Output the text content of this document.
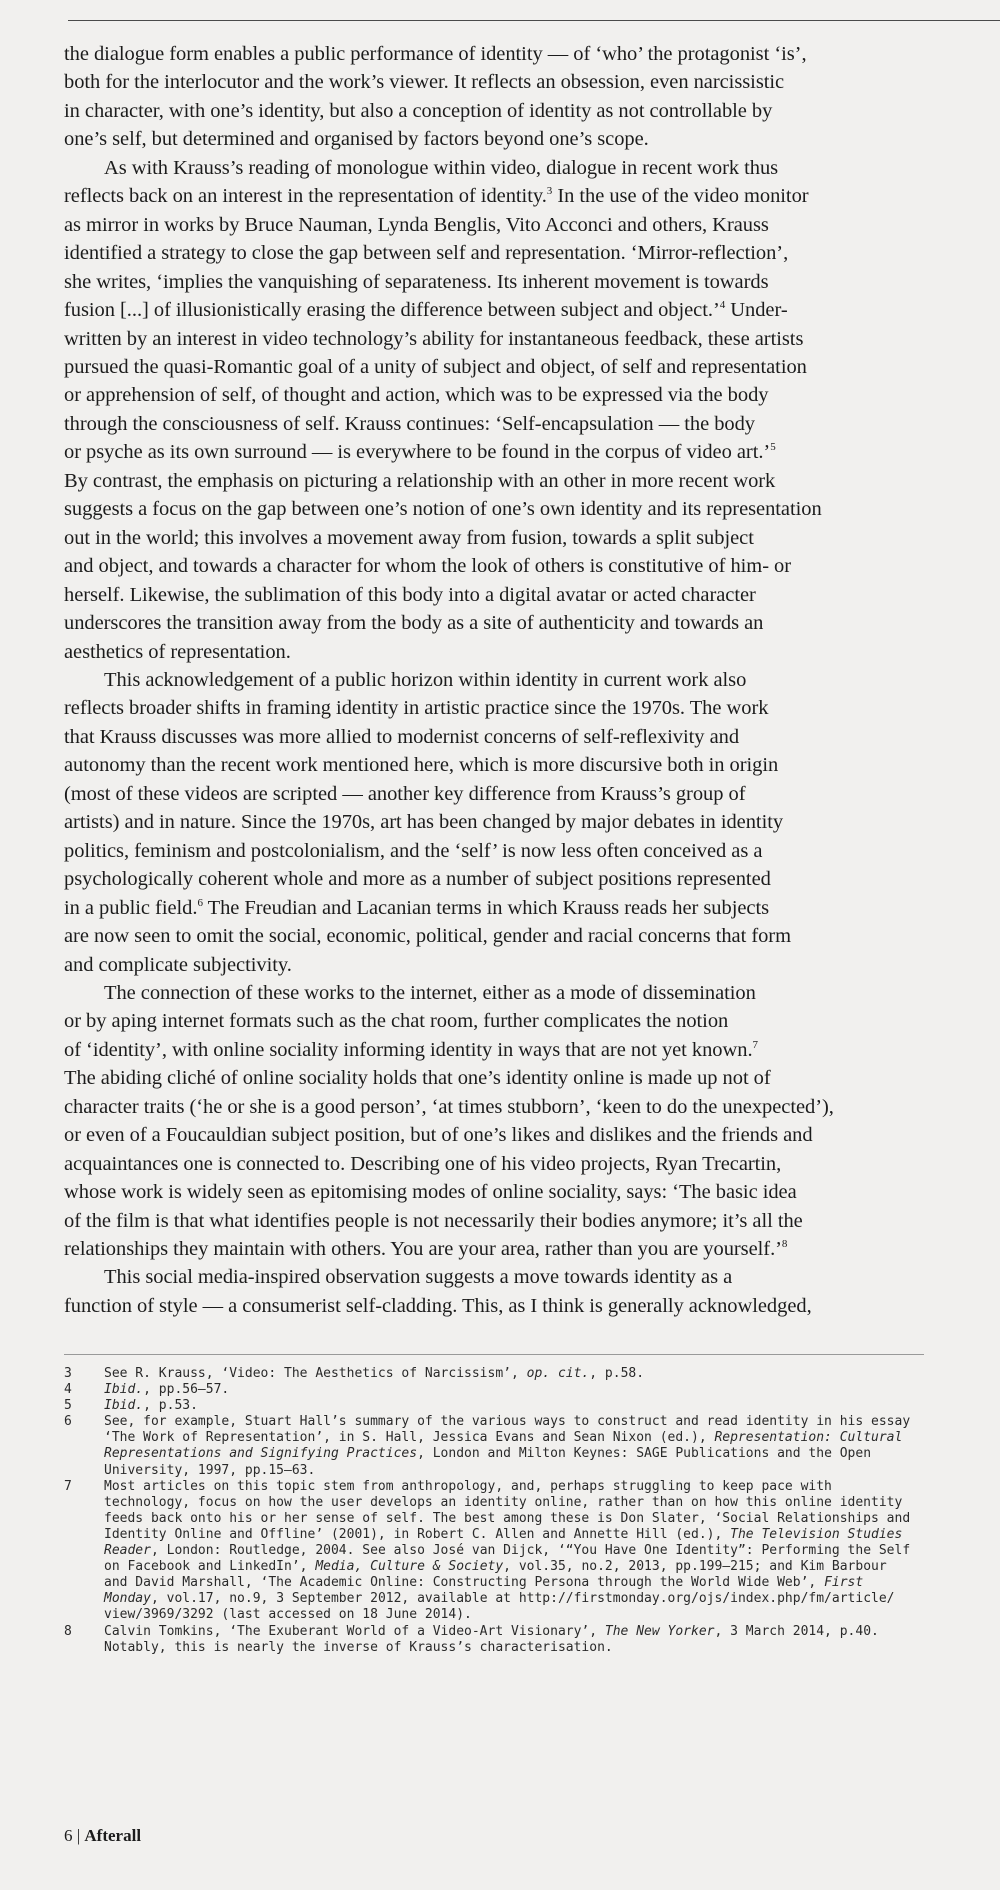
the dialogue form enables a public performance of identity — of ‘who’ the protagonist ‘is’,
both for the interlocutor and the work’s viewer. It reflects an obsession, even narcissistic
in character, with one’s identity, but also a conception of identity as not controllable by
one’s self, but determined and organised by factors beyond one’s scope.

As with Krauss’s reading of monologue within video, dialogue in recent work thus
reflects back on an interest in the representation of identity.$^3$ In the use of the video monitor
as mirror in works by Bruce Nauman, Lynda Benglis, Vito Acconci and others, Krauss
identified a strategy to close the gap between self and representation. ‘Mirror-reflection’,
she writes, ‘implies the vanquishing of separateness. Its inherent movement is towards
fusion [...] of illusionistically erasing the difference between subject and object.’$^4$ Under-
written by an interest in video technology’s ability for instantaneous feedback, these artists
pursued the quasi-Romantic goal of a unity of subject and object, of self and representation
or apprehension of self, of thought and action, which was to be expressed via the body
through the consciousness of self. Krauss continues: ‘Self-encapsulation — the body
or psyche as its own surround — is everywhere to be found in the corpus of video art.’$^5$
By contrast, the emphasis on picturing a relationship with an other in more recent work
suggests a focus on the gap between one’s notion of one’s own identity and its representation
out in the world; this involves a movement away from fusion, towards a split subject
and object, and towards a character for whom the look of others is constitutive of him- or
herself. Likewise, the sublimation of this body into a digital avatar or acted character
underscores the transition away from the body as a site of authenticity and towards an
aesthetics of representation.

This acknowledgement of a public horizon within identity in current work also
reflects broader shifts in framing identity in artistic practice since the 1970s. The work
that Krauss discusses was more allied to modernist concerns of self-reflexivity and
autonomy than the recent work mentioned here, which is more discursive both in origin
(most of these videos are scripted — another key difference from Krauss’s group of
artists) and in nature. Since the 1970s, art has been changed by major debates in identity
politics, feminism and postcolonialism, and the ‘self’ is now less often conceived as a
psychologically coherent whole and more as a number of subject positions represented
in a public field.$^6$ The Freudian and Lacanian terms in which Krauss reads her subjects
are now seen to omit the social, economic, political, gender and racial concerns that form
and complicate subjectivity.

The connection of these works to the internet, either as a mode of dissemination
or by aping internet formats such as the chat room, further complicates the notion
of ‘identity’, with online sociality informing identity in ways that are not yet known.$^7$
The abiding cliché of online sociality holds that one’s identity online is made up not of
character traits (‘he or she is a good person’, ‘at times stubborn’, ‘keen to do the unexpected’),
or even of a Foucauldian subject position, but of one’s likes and dislikes and the friends and
acquaintances one is connected to. Describing one of his video projects, Ryan Trecartin,
whose work is widely seen as epitomising modes of online sociality, says: ‘The basic idea
of the film is that what identifies people is not necessarily their bodies anymore; it’s all the
relationships they maintain with others. You are your area, rather than you are yourself.’$^8$

This social media-inspired observation suggests a move towards identity as a
function of style — a consumerist self-cladding. This, as I think is generally acknowledged,

3	See R. Krauss, ‘Video: The Aesthetics of Narcissism’, op. cit., p.58.
4	Ibid., pp.56—57.
5	Ibid., p.53.
6	See, for example, Stuart Hall’s summary of the various ways to construct and read identity in his essay
‘The Work of Representation’, in S. Hall, Jessica Evans and Sean Nixon (ed.), Representation: Cultural
Representations and Signifying Practices, London and Milton Keynes: SAGE Publications and the Open
University, 1997, pp.15—63.
7	Most articles on this topic stem from anthropology, and, perhaps struggling to keep pace with
technology, focus on how the user develops an identity online, rather than on how this online identity
feeds back onto his or her sense of self. The best among these is Don Slater, ‘Social Relationships and
Identity Online and Offline’ (2001), in Robert C. Allen and Annette Hill (ed.), The Television Studies
Reader, London: Routledge, 2004. See also José van Dijck, ‘“You Have One Identity”: Performing the Self
on Facebook and LinkedIn’, Media, Culture & Society, vol.35, no.2, 2013, pp.199—215; and Kim Barbour
and David Marshall, ‘The Academic Online: Constructing Persona through the World Wide Web’, First
Monday, vol.17, no.9, 3 September 2012, available at http://firstmonday.org/ojs/index.php/fm/article/
view/3969/3292 (last accessed on 18 June 2014).
8	Calvin Tomkins, ‘The Exuberant World of a Video-Art Visionary’, The New Yorker, 3 March 2014, p.40.
Notably, this is nearly the inverse of Krauss’s characterisation.
6 | Afterall
